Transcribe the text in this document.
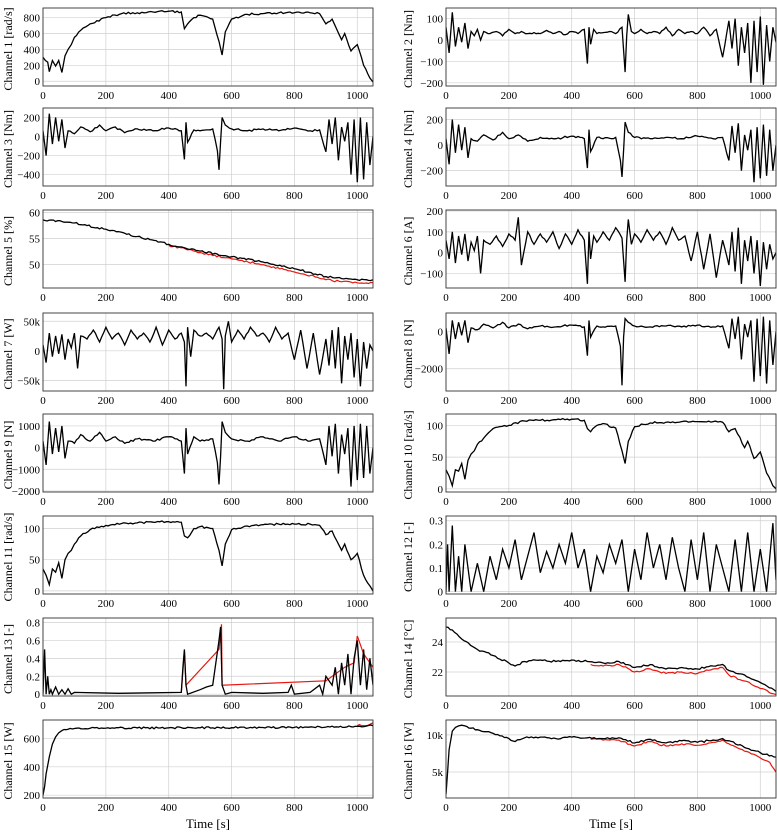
Time [s]	Time [s]
0	200	400	600	800	1000
0
200
400
600
800
Channel 1 [rad/s]
0	200	400	600	800	1000
−200
−100
0
100
Channel 2 [Nm]
0	200	400	600	800	1000
−400
−200
0
200
Channel 3 [Nm]
0	200	400	600	800	1000
−200
0
200
Channel 4 [Nm]
0	200	400	600	800	1000
50
55
60
Channel 5 [%]
0	200	400	600	800	1000
−100
0
100
200
Channel 6 [A]
0	200	400	600	800	1000
−50k
0
50k
Channel 7 [W]
0	200	400	600	800	1000
−2000
0
Channel 8 [N]
0	200	400	600	800	1000
−2000
−1000
0
1000
Channel 9 [N]
0	200	400	600	800	1000
0
50
100
Channel 10 [rad/s]
0	200	400	600	800	1000
0
50
100
Channel 11 [rad/s]
0	200	400	600	800	1000
0
0.1
0.2
0.3
Channel 12 [-]
0	200	400	600	800	1000
0
0.2
0.4
0.6
0.8
Channel 13 [-]
0	200	400	600	800	1000
22
24
Channel 14 [°C]
0	200	400	600	800	1000
200
400
600
Channel 15 [W]
0	200	400	600	800	1000
5k
10k
Channel 16 [W]
